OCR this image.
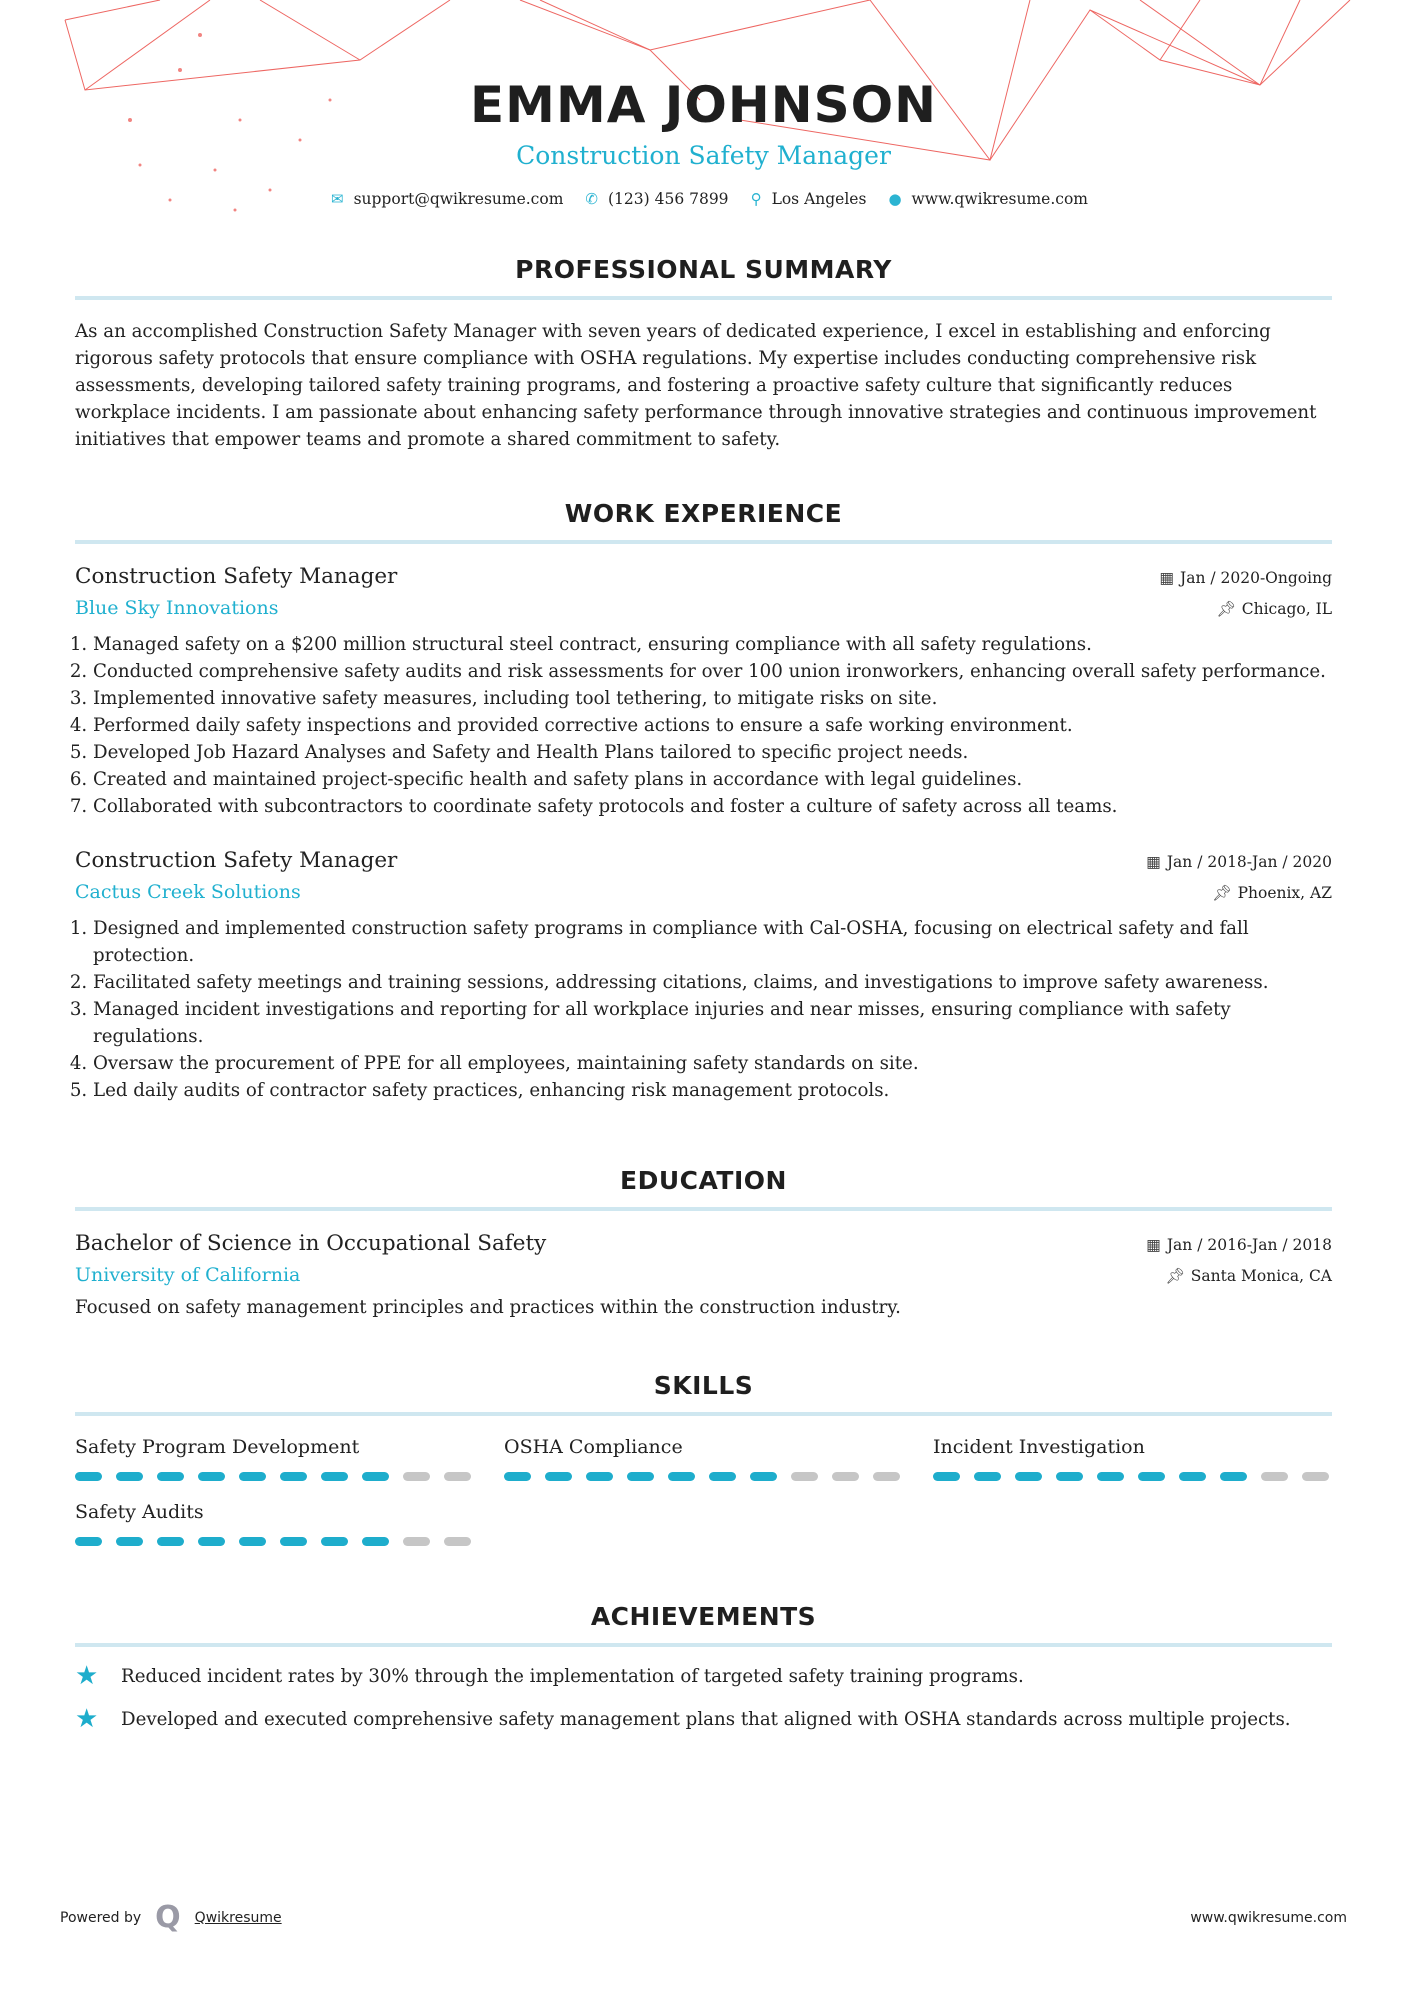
EMMA JOHNSON
Construction Safety Manager
✉ support@qwikresume.com ✆ (123) 456 7899 ⚲ Los Angeles ● www.qwikresume.com
PROFESSIONAL SUMMARY

As an accomplished Construction Safety Manager with seven years of dedicated experience, I excel in establishing and enforcing rigorous safety protocols that ensure compliance with OSHA regulations. My expertise includes conducting comprehensive risk assessments, developing tailored safety training programs, and fostering a proactive safety culture that significantly reduces workplace incidents. I am passionate about enhancing safety performance through innovative strategies and continuous improvement initiatives that empower teams and promote a shared commitment to safety.

WORK EXPERIENCE
Construction Safety Manager	▦ Jan / 2020-Ongoing
Blue Sky Innovations	📌︎ Chicago, IL
1. Managed safety on a $200 million structural steel contract, ensuring compliance with all safety regulations.
2. Conducted comprehensive safety audits and risk assessments for over 100 union ironworkers, enhancing overall safety performance.
3. Implemented innovative safety measures, including tool tethering, to mitigate risks on site.
4. Performed daily safety inspections and provided corrective actions to ensure a safe working environment.
5. Developed Job Hazard Analyses and Safety and Health Plans tailored to specific project needs.
6. Created and maintained project-specific health and safety plans in accordance with legal guidelines.
7. Collaborated with subcontractors to coordinate safety protocols and foster a culture of safety across all teams.
Construction Safety Manager	▦ Jan / 2018-Jan / 2020
Cactus Creek Solutions	📌︎ Phoenix, AZ
1. Designed and implemented construction safety programs in compliance with Cal-OSHA, focusing on electrical safety and fall protection.
2. Facilitated safety meetings and training sessions, addressing citations, claims, and investigations to improve safety awareness.
3. Managed incident investigations and reporting for all workplace injuries and near misses, ensuring compliance with safety regulations.
4. Oversaw the procurement of PPE for all employees, maintaining safety standards on site.
5. Led daily audits of contractor safety practices, enhancing risk management protocols.
EDUCATION
Bachelor of Science in Occupational Safety	▦ Jan / 2016-Jan / 2018
University of California	📌︎ Santa Monica, CA

Focused on safety management principles and practices within the construction industry.

SKILLS
Safety Program Development	OSHA Compliance	Incident Investigation
Safety Audits
ACHIEVEMENTS
★	Reduced incident rates by 30% through the implementation of targeted safety training programs.
★	Developed and executed comprehensive safety management plans that aligned with OSHA standards across multiple projects.
Powered by Q Qwikresume	www.qwikresume.com
